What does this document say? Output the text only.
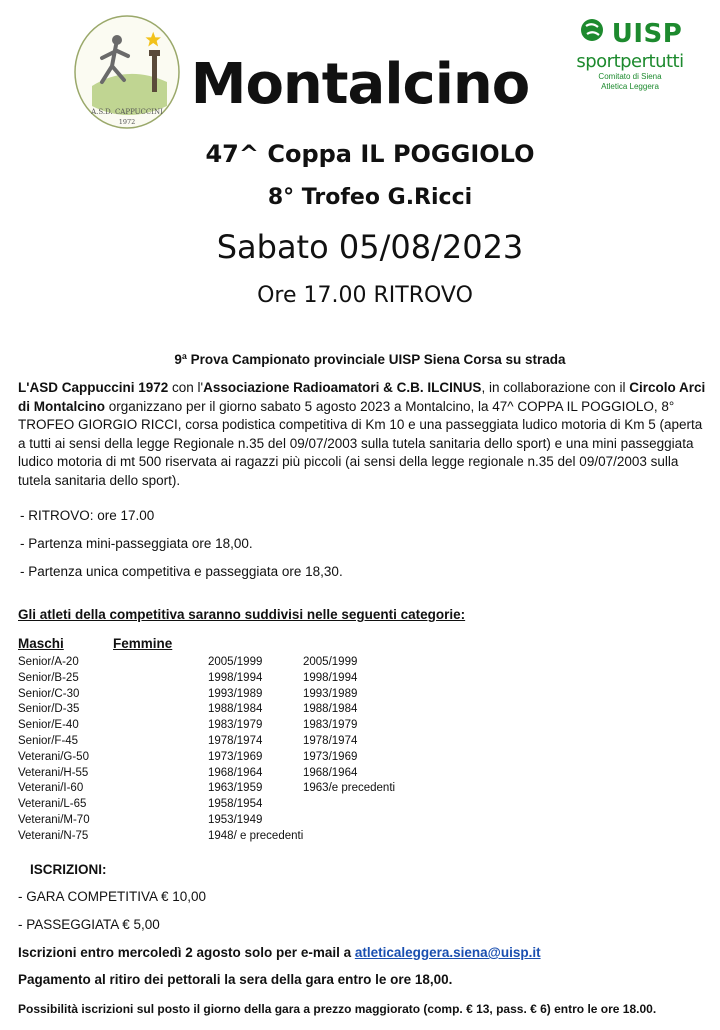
A.S.D. CAPPUCCINI
1972
UISP
sportpertutti
Comitato di Siena
Atletica Leggera
Montalcino
47^ Coppa IL POGGIOLO
8° Trofeo G.Ricci
Sabato 05/08/2023
Ore 17.00 RITROVO
9ª Prova Campionato provinciale UISP Siena Corsa su strada
L'ASD Cappuccini 1972 con l'Associazione Radioamatori & C.B. ILCINUS, in collaborazione con il Circolo Arci di Montalcino organizzano per il giorno sabato 5 agosto 2023 a Montalcino, la 47^ COPPA IL POGGIOLO, 8° TROFEO GIORGIO RICCI, corsa podistica competitiva di Km 10 e una passeggiata ludico motoria di Km 5 (aperta a tutti ai sensi della legge Regionale n.35 del 09/07/2003 sulla tutela sanitaria dello sport) e una mini passeggiata ludico motoria di mt 500 riservata ai ragazzi più piccoli (ai sensi della legge regionale n.35 del 09/07/2003 sulla tutela sanitaria dello sport).
- RITROVO: ore 17.00
- Partenza mini-passeggiata ore 18,00.
- Partenza unica competitiva e passeggiata ore 18,30.
Gli atleti della competitiva saranno suddivisi nelle seguenti categorie:
Maschi	Femmine
Senior/A-20	2005/1999	2005/1999
Senior/B-25	1998/1994	1998/1994
Senior/C-30	1993/1989	1993/1989
Senior/D-35	1988/1984	1988/1984
Senior/E-40	1983/1979	1983/1979
Senior/F-45	1978/1974	1978/1974
Veterani/G-50	1973/1969	1973/1969
Veterani/H-55	1968/1964	1968/1964
Veterani/I-60	1963/1959	1963/e precedenti
Veterani/L-65	1958/1954
Veterani/M-70	1953/1949
Veterani/N-75	1948/ e precedenti
ISCRIZIONI:
- GARA COMPETITIVA € 10,00
- PASSEGGIATA € 5,00
Iscrizioni entro mercoledì 2 agosto solo per e-mail a atleticaleggera.siena@uisp.it
Pagamento al ritiro dei pettorali la sera della gara entro le ore 18,00.
Possibilità iscrizioni sul posto il giorno della gara a prezzo maggiorato (comp. € 13, pass. € 6) entro le ore 18.00.
